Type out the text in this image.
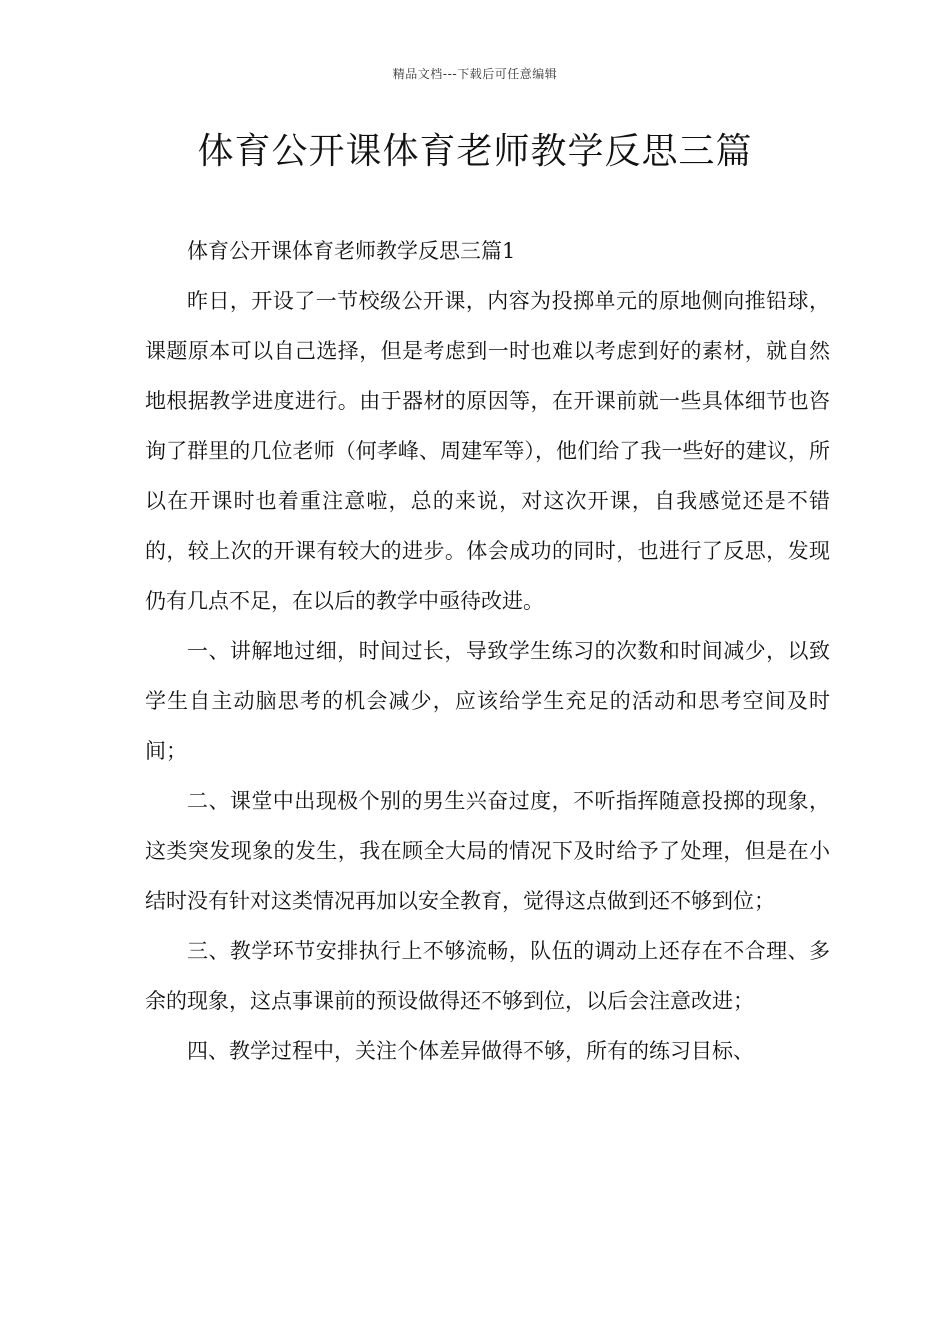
精品文档---下载后可任意编辑
体育公开课体育老师教学反思三篇

体育公开课体育老师教学反思三篇1

昨日，开设了一节校级公开课，内容为投掷单元的原地侧向推铅球，课题原本可以自己选择，但是考虑到一时也难以考虑到好的素材，就自然地根据教学进度进行。由于器材的原因等，在开课前就一些具体细节也咨询了群里的几位老师（何孝峰、周建军等），他们给了我一些好的建议，所以在开课时也着重注意啦，总的来说，对这次开课，自我感觉还是不错的，较上次的开课有较大的进步。体会成功的同时，也进行了反思，发现仍有几点不足，在以后的教学中亟待改进。

一、讲解地过细，时间过长，导致学生练习的次数和时间减少，以致学生自主动脑思考的机会减少，应该给学生充足的活动和思考空间及时间；

二、课堂中出现极个别的男生兴奋过度，不听指挥随意投掷的现象，这类突发现象的发生，我在顾全大局的情况下及时给予了处理，但是在小结时没有针对这类情况再加以安全教育，觉得这点做到还不够到位；

三、教学环节安排执行上不够流畅，队伍的调动上还存在不合理、多余的现象，这点事课前的预设做得还不够到位，以后会注意改进；

四、教学过程中，关注个体差异做得不够，所有的练习目标、
